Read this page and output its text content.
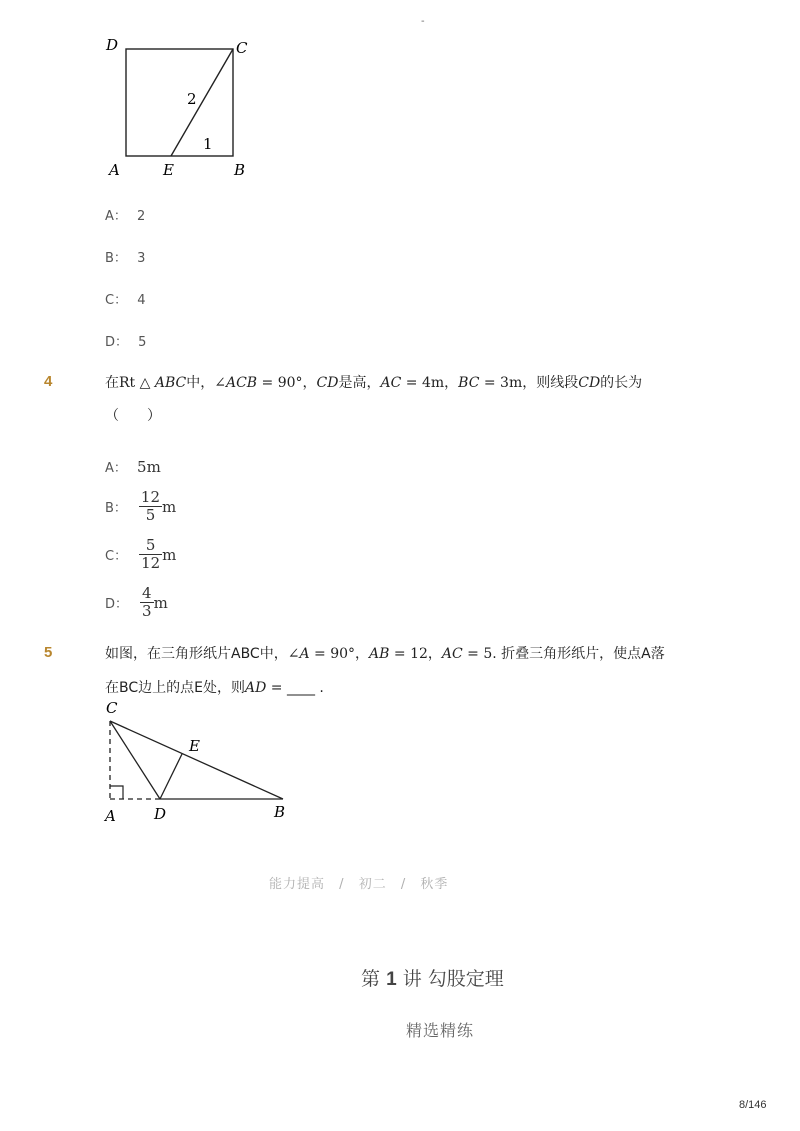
-
D	C
A	E	B
2
1
A： 2
B： 3
C： 4
D： 5
4	在Rt △ ABC中，∠ACB = 90°，CD是高，AC = 4m，BC = 3m，则线段CD的长为
（　　）
A： 5m
B： $\frac{12}{5}$ m
C： $\frac{5}{12}$ m
D： $\frac{4}{3}$ m
5	如图，在三角形纸片ABC中，∠A = 90°，AB = 12，AC = 5. 折叠三角形纸片，使点A落
在BC边上的点E处，则AD = ____ .
C
E
A	D	B
能力提高 / 初二 / 秋季
第 1 讲 勾股定理
精选精练
8/146
